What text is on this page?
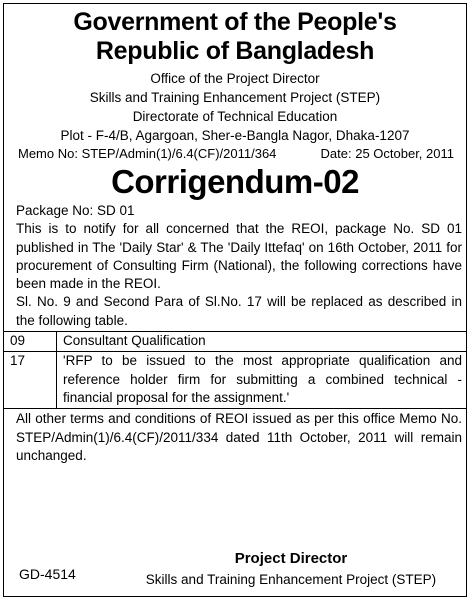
Government of the People's
Republic of Bangladesh
Office of the Project Director
Skills and Training Enhancement Project (STEP)
Directorate of Technical Education
Plot - F-4/B, Agargoan, Sher-e-Bangla Nagor, Dhaka-1207
Memo No: STEP/Admin(1)/6.4(CF)/2011/364	Date: 25 October, 2011
Corrigendum-02

Package No: SD 01

This is to notify for all concerned that the REOI, package No. SD 01 published in The 'Daily Star' & The 'Daily Ittefaq' on 16th October, 2011 for procurement of Consulting Firm (National), the following corrections have been made in the REOI.

Sl. No. 9 and Second Para of Sl.No. 17 will be replaced as described in the following table.

09	Consultant Qualification
17	'RFP to be issued to the most appropriate qualification and reference holder firm for submitting a combined technical - financial proposal for the assignment.'

All other terms and conditions of REOI issued as per this office Memo No. STEP/Admin(1)/6.4(CF)/2011/334 dated 11th October, 2011 will remain unchanged.

GD-4514
Project Director
Skills and Training Enhancement Project (STEP)
